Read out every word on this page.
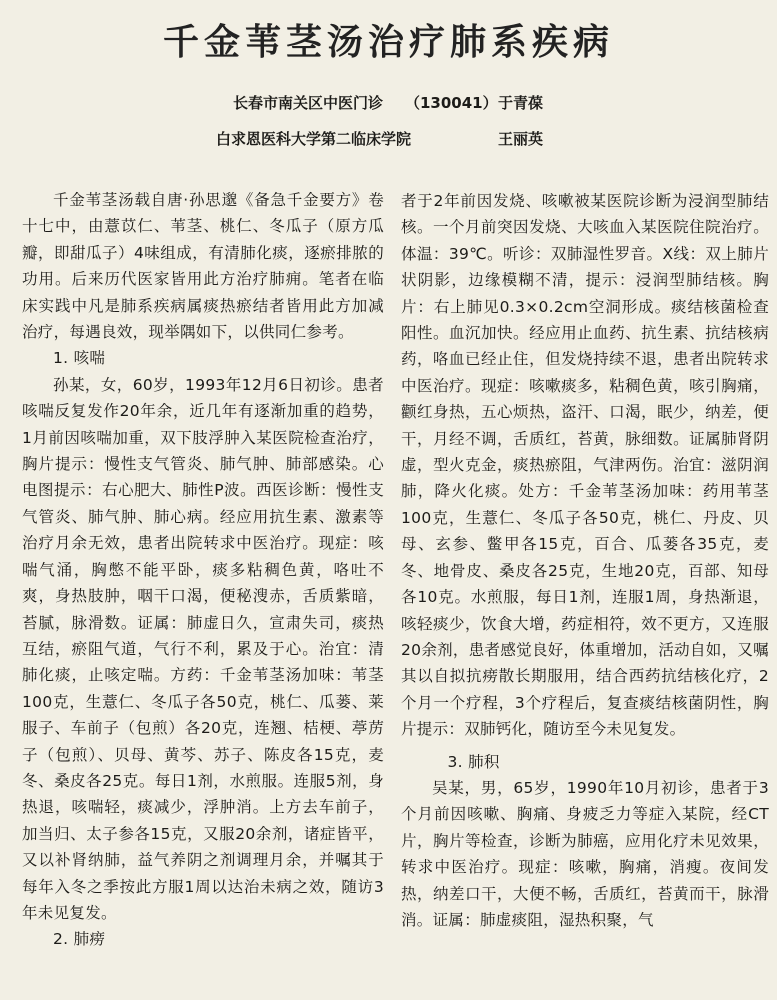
千金苇茎汤治疗肺系疾病
长春市南关区中医门诊 （130041） 于青葆
白求恩医科大学第二临床学院	王丽英

千金苇茎汤载自唐·孙思邈《备急千金要方》卷十七中，由薏苡仁、苇茎、桃仁、冬瓜子（原方瓜瓣，即甜瓜子）4味组成，有清肺化痰，逐瘀排脓的功用。后来历代医家皆用此方治疗肺痈。笔者在临床实践中凡是肺系疾病属痰热瘀结者皆用此方加减治疗，每遇良效，现举隅如下，以供同仁参考。

1. 咳喘

孙某，女，60岁，1993年12月6日初诊。患者咳喘反复发作20年余，近几年有逐渐加重的趋势，1月前因咳喘加重，双下肢浮肿入某医院检查治疗，胸片提示：慢性支气管炎、肺气肿、肺部感染。心电图提示：右心肥大、肺性P波。西医诊断：慢性支气管炎、肺气肿、肺心病。经应用抗生素、激素等治疗月余无效，患者出院转求中医治疗。现症：咳喘气涌，胸憋不能平卧，痰多粘稠色黄，咯吐不爽，身热肢肿，咽干口渴，便秘溲赤，舌质紫暗，苔腻，脉滑数。证属：肺虚日久，宣肃失司，痰热互结，瘀阻气道，气行不利，累及于心。治宜：清肺化痰，止咳定喘。方药：千金苇茎汤加味：苇茎100克，生薏仁、冬瓜子各50克，桃仁、瓜蒌、莱服子、车前子（包煎）各20克，连翘、桔梗、葶苈子（包煎）、贝母、黄芩、苏子、陈皮各15克，麦冬、桑皮各25克。每日1剂，水煎服。连服5剂，身热退，咳喘轻，痰减少，浮肿消。上方去车前子，加当归、太子参各15克，又服20余剂，诸症皆平，又以补肾纳肺，益气养阴之剂调理月余，并嘱其于每年入冬之季按此方服1周以达治未病之效，随访3年未见复发。

2. 肺痨

者于2年前因发烧、咳嗽被某医院诊断为浸润型肺结核。一个月前突因发烧、大咳血入某医院住院治疗。体温：39℃。听诊：双肺湿性罗音。X线：双上肺片状阴影，边缘模糊不清，提示：浸润型肺结核。胸片：右上肺见0.3×0.2cm空洞形成。痰结核菌检查阳性。血沉加快。经应用止血药、抗生素、抗结核病药，咯血已经止住，但发烧持续不退，患者出院转求中医治疗。现症：咳嗽痰多，粘稠色黄，咳引胸痛，颧红身热，五心烦热，盗汗、口渴，眠少，纳差，便干，月经不调，舌质红，苔黄，脉细数。证属肺肾阴虚，型火克金，痰热瘀阻，气津两伤。治宜：滋阴润肺，降火化痰。处方：千金苇茎汤加味：药用苇茎100克，生薏仁、冬瓜子各50克，桃仁、丹皮、贝母、玄参、鳖甲各15克，百合、瓜蒌各35克，麦冬、地骨皮、桑皮各25克，生地20克，百部、知母各10克。水煎服，每日1剂，连服1周，身热渐退，咳轻痰少，饮食大增，药症相符，效不更方，又连服20余剂，患者感觉良好，体重增加，活动自如，又嘱其以自拟抗痨散长期服用，结合西药抗结核化疗，2个月一个疗程，3个疗程后，复查痰结核菌阴性，胸片提示：双肺钙化，随访至今未见复发。

3. 肺积

吴某，男，65岁，1990年10月初诊，患者于3个月前因咳嗽、胸痛、身疲乏力等症入某院，经CT片，胸片等检查，诊断为肺癌，应用化疗未见效果，转求中医治疗。现症：咳嗽，胸痛，消瘦。夜间发热，纳差口干，大便不畅，舌质红，苔黄而干，脉滑消。证属：肺虚痰阻，湿热积聚，气
